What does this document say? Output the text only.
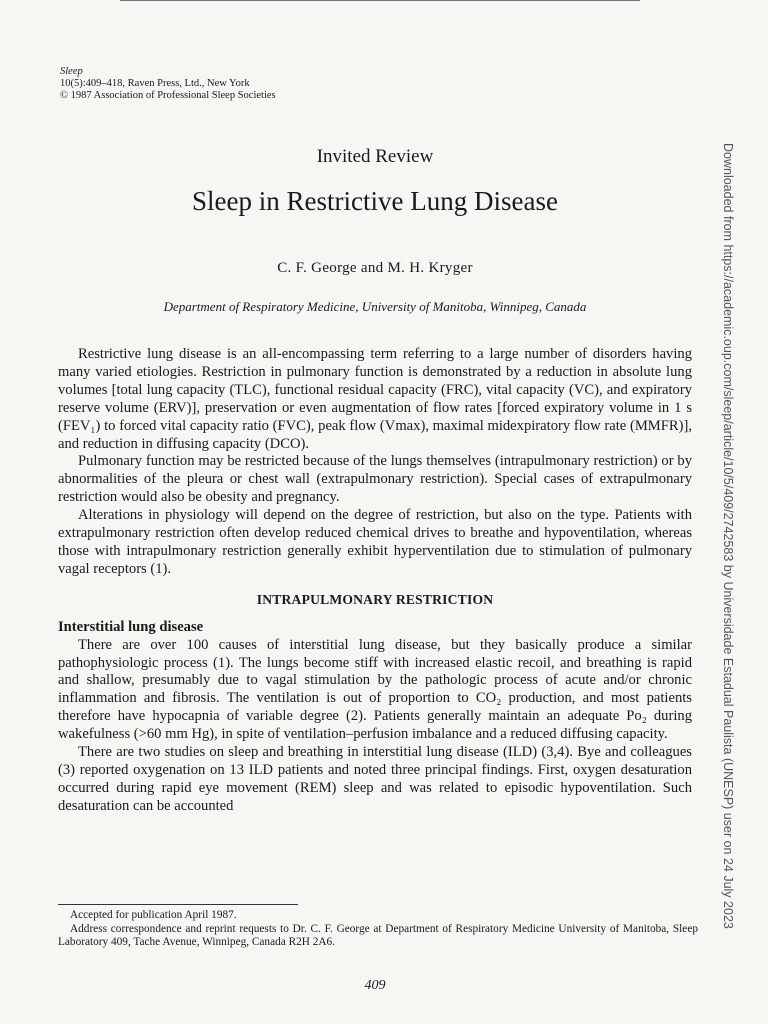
Sleep
10(5):409–418, Raven Press, Ltd., New York
© 1987 Association of Professional Sleep Societies
Invited Review
Sleep in Restrictive Lung Disease
C. F. George and M. H. Kryger
Department of Respiratory Medicine, University of Manitoba, Winnipeg, Canada

Restrictive lung disease is an all-encompassing term referring to a large number of disorders having many varied etiologies. Restriction in pulmonary function is demonstrated by a reduction in absolute lung volumes [total lung capacity (TLC), functional residual capacity (FRC), vital capacity (VC), and expiratory reserve volume (ERV)], preservation or even augmentation of flow rates [forced expiratory volume in 1 s (FEV₁) to forced vital capacity ratio (FVC), peak flow (Vmax), maximal midexpiratory flow rate (MMFR)], and reduction in diffusing capacity (DCO).

Pulmonary function may be restricted because of the lungs themselves (intrapulmonary restriction) or by abnormalities of the pleura or chest wall (extrapulmonary restriction). Special cases of extrapulmonary restriction would also be obesity and pregnancy.

Alterations in physiology will depend on the degree of restriction, but also on the type. Patients with extrapulmonary restriction often develop reduced chemical drives to breathe and hypoventilation, whereas those with intrapulmonary restriction generally exhibit hyperventilation due to stimulation of pulmonary vagal receptors (1).

INTRAPULMONARY RESTRICTION
Interstitial lung disease

There are over 100 causes of interstitial lung disease, but they basically produce a similar pathophysiologic process (1). The lungs become stiff with increased elastic recoil, and breathing is rapid and shallow, presumably due to vagal stimulation by the pathologic process of acute and/or chronic inflammation and fibrosis. The ventilation is out of proportion to CO₂ production, and most patients therefore have hypocapnia of variable degree (2). Patients generally maintain an adequate Po₂ during wakefulness (>60 mm Hg), in spite of ventilation–perfusion imbalance and a reduced diffusing capacity.

There are two studies on sleep and breathing in interstitial lung disease (ILD) (3,4). Bye and colleagues (3) reported oxygenation on 13 ILD patients and noted three principal findings. First, oxygen desaturation occurred during rapid eye movement (REM) sleep and was related to episodic hypoventilation. Such desaturation can be accounted

Accepted for publication April 1987.

Address correspondence and reprint requests to Dr. C. F. George at Department of Respiratory Medicine University of Manitoba, Sleep Laboratory 409, Tache Avenue, Winnipeg, Canada R2H 2A6.

409
Downloaded from https://academic.oup.com/sleep/article/10/5/409/2742583 by Universidade Estadual Paulista (UNESP) user on 24 July 2023
